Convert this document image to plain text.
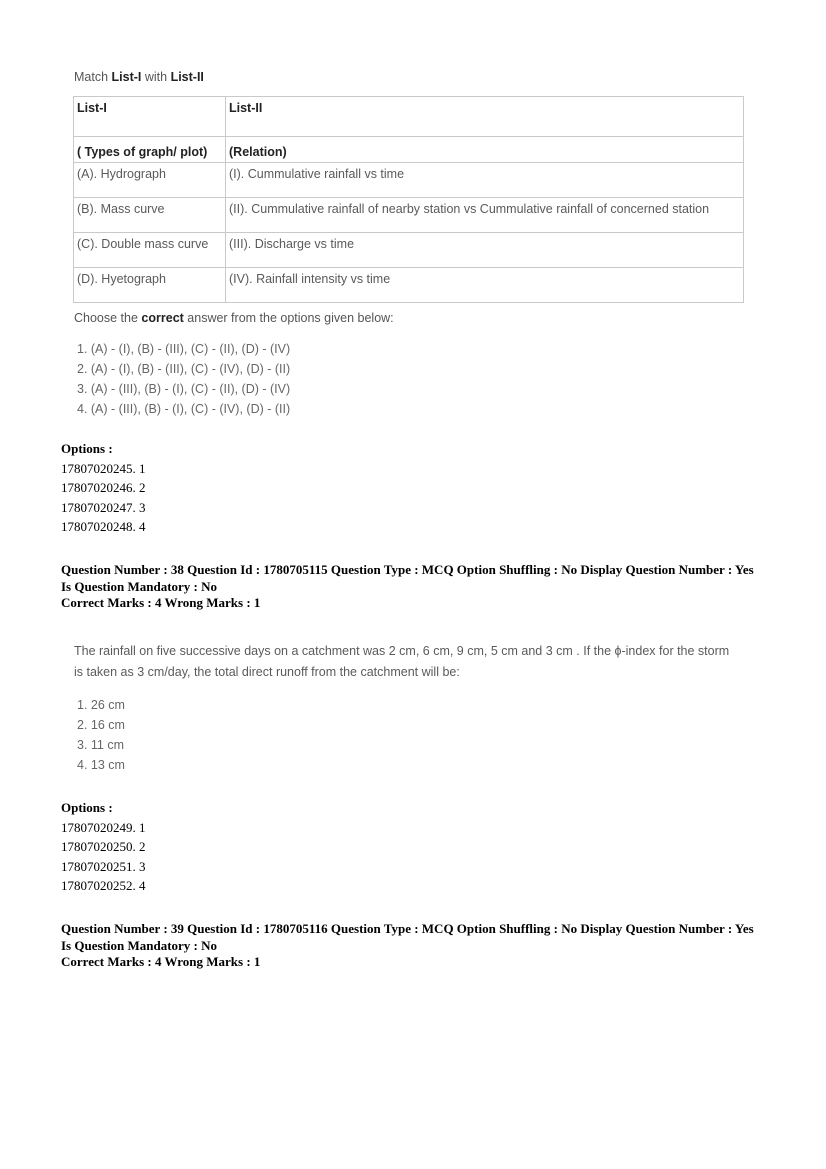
Match List-I with List-II

List-I	List-II
( Types of graph/ plot)	(Relation)
(A). Hydrograph	(I). Cummulative rainfall vs time
(B). Mass curve	(II). Cummulative rainfall of nearby station vs Cummulative rainfall of concerned station
(C). Double mass curve	(III). Discharge vs time
(D). Hyetograph	(IV). Rainfall intensity vs time

Choose the correct answer from the options given below:

1. (A) - (I), (B) - (III), (C) - (II), (D) - (IV)
2. (A) - (I), (B) - (III), (C) - (IV), (D) - (II)
3. (A) - (III), (B) - (I), (C) - (II), (D) - (IV)
4. (A) - (III), (B) - (I), (C) - (IV), (D) - (II)
Options :
17807020245. 1
17807020246. 2
17807020247. 3
17807020248. 4
Question Number : 38 Question Id : 1780705115 Question Type : MCQ Option Shuffling : No Display Question Number : Yes
Is Question Mandatory : No
Correct Marks : 4 Wrong Marks : 1

The rainfall on five successive days on a catchment was 2 cm, 6 cm, 9 cm, 5 cm and 3 cm . If the ϕ-index for the storm

is taken as 3 cm/day, the total direct runoff from the catchment will be:

1. 26 cm
2. 16 cm
3. 11 cm
4. 13 cm
Options :
17807020249. 1
17807020250. 2
17807020251. 3
17807020252. 4
Question Number : 39 Question Id : 1780705116 Question Type : MCQ Option Shuffling : No Display Question Number : Yes
Is Question Mandatory : No
Correct Marks : 4 Wrong Marks : 1
